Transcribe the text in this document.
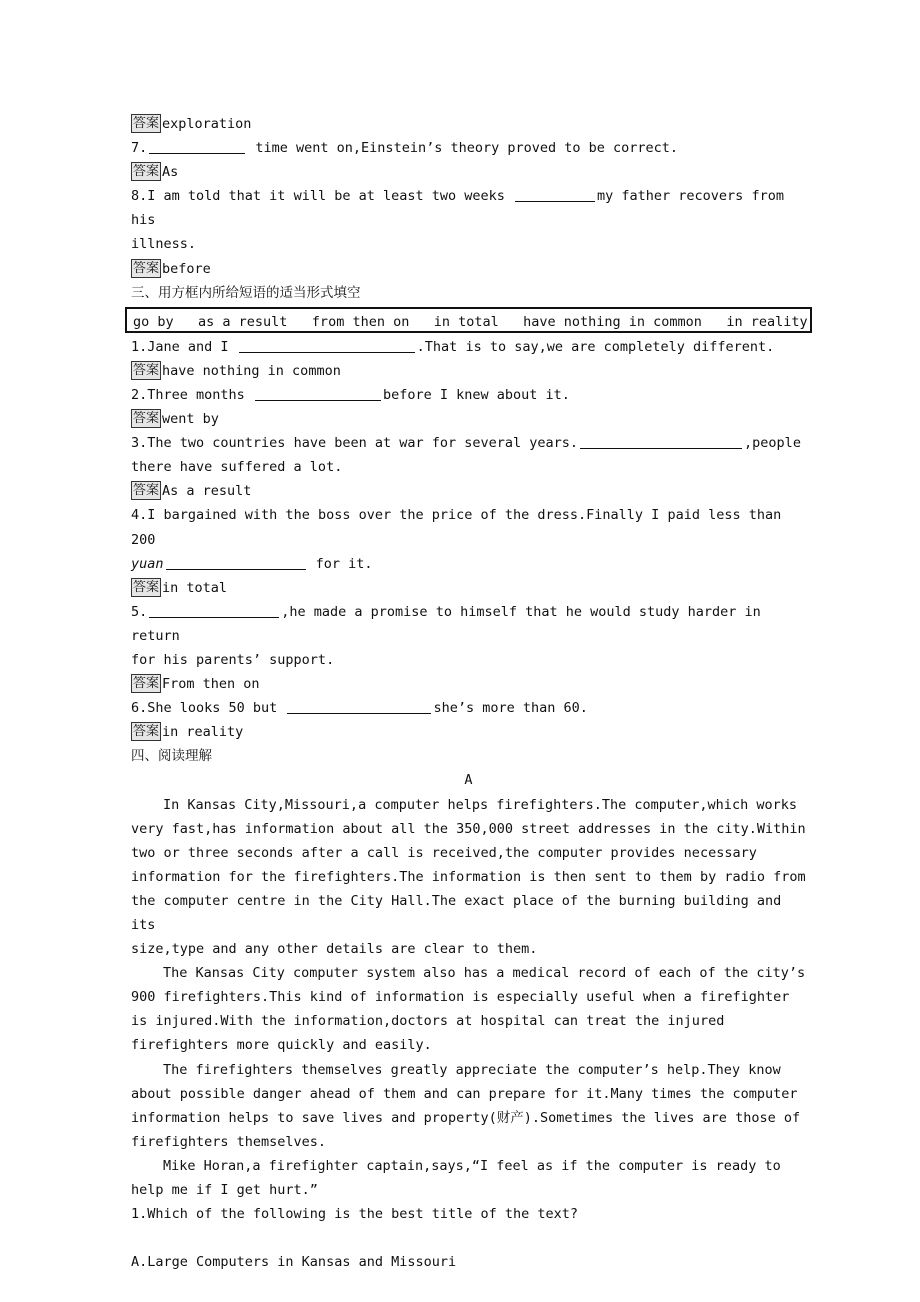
答案 exploration
7.	time went on,Einstein’s theory proved to be correct.
答案 As
8.I am told that it will be at least two weeks	my father recovers from his
illness.
答案 before
三、用方框内所给短语的适当形式填空
go by   as a result   from then on   in total   have nothing in common   in reality
1.Jane and I	.That is to say,we are completely different.
答案 have nothing in common
2.Three months	before I knew about it.
答案 went by
3.The two countries have been at war for several years.	,people
there have suffered a lot.
答案 As a result
4.I bargained with the boss over the price of the dress.Finally I paid less than 200
yuan	for it.
答案 in total
5.	,he made a promise to himself that he would study harder in return
for his parents’ support.
答案 From then on
6.She looks 50 but	she’s more than 60.
答案 in reality
四、阅读理解
A
In Kansas City,Missouri,a computer helps firefighters.The computer,which works
very fast,has information about all the 350,000 street addresses in the city.Within
two or three seconds after a call is received,the computer provides necessary
information for the firefighters.The information is then sent to them by radio from
the computer centre in the City Hall.The exact place of the burning building and its
size,type and any other details are clear to them.
The Kansas City computer system also has a medical record of each of the city’s
900 firefighters.This kind of information is especially useful when a firefighter
is injured.With the information,doctors at hospital can treat the injured
firefighters more quickly and easily.
The firefighters themselves greatly appreciate the computer’s help.They know
about possible danger ahead of them and can prepare for it.Many times the computer
information helps to save lives and property(财产).Sometimes the lives are those of
firefighters themselves.
Mike Horan,a firefighter captain,says,“I feel as if the computer is ready to
help me if I get hurt.”
1.Which of the following is the best title of the text?
A.Large Computers in Kansas and Missouri
